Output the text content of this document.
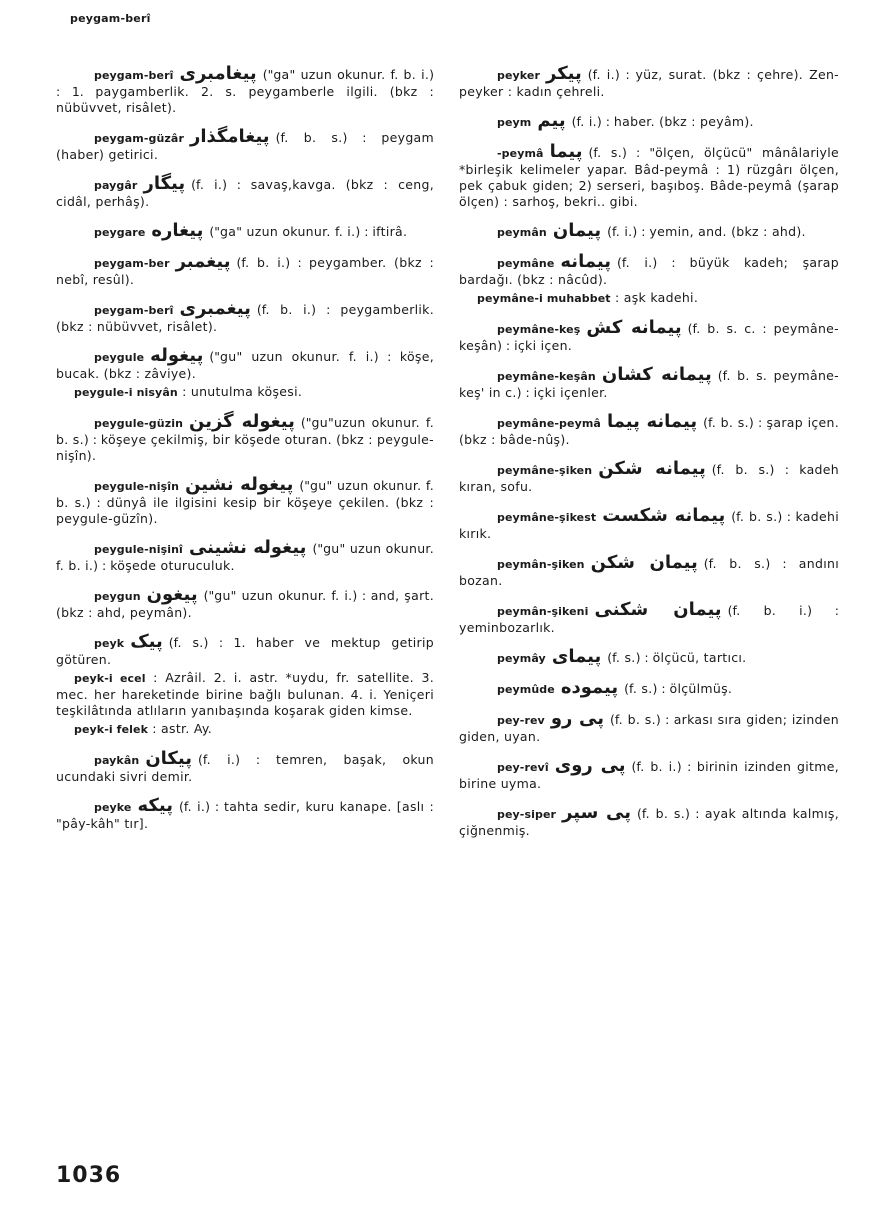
peygam-berî

peygam-berî پیغامبری ("ga" uzun okunur. f. b. i.) : 1. paygamberlik. 2. s. peygamberle ilgili. (bkz : nübüvvet, risâlet).

peygam-güzâr پیغامگذار (f. b. s.) : peygam (haber) getirici.

paygâr پیگار (f. i.) : savaş,kavga. (bkz : ceng, cidâl, perhâş).

peygare پیغاره ("ga" uzun okunur. f. i.) : iftirâ.

peygam-ber پیغمبر (f. b. i.) : peygamber. (bkz : nebî, resûl).

peygam-berî پیغمبری (f. b. i.) : peygamberlik. (bkz : nübüvvet, risâlet).

peygule پیغوله ("gu" uzun okunur. f. i.) : köşe, bucak. (bkz : zâviye).

peygule-i nisyân : unutulma köşesi.

peygule-güzin پیغوله گزین ("gu"uzun okunur. f. b. s.) : köşeye çekilmiş, bir köşede oturan. (bkz : peygule-nişîn).

peygule-nişîn پیغوله نشین ("gu" uzun okunur. f. b. s.) : dünyâ ile ilgisini kesip bir köşeye çekilen. (bkz : peygule-güzîn).

peygule-nişinî پیغوله نشینی ("gu" uzun okunur. f. b. i.) : köşede oturuculuk.

peygun پیغون ("gu" uzun okunur. f. i.) : and, şart. (bkz : ahd, peymân).

peyk پیک (f. s.) : 1. haber ve mektup getirip götüren.

peyk-i ecel : Azrâil. 2. i. astr. *uydu, fr. satellite. 3. mec. her hareketinde birine bağlı bulunan. 4. i. Yeniçeri teşkilâtında atlıların yanıbaşında koşarak giden kimse.

peyk-i felek : astr. Ay.

paykân پیکان (f. i.) : temren, başak, okun ucundaki sivri demir.

peyke پیکه (f. i.) : tahta sedir, kuru kanape. [aslı : "pây-kâh" tır].

peyker پیکر (f. i.) : yüz, surat. (bkz : çehre). Zen-peyker : kadın çehreli.

peym پیم (f. i.) : haber. (bkz : peyâm).

-peymâ پیما (f. s.) : "ölçen, ölçücü" mânâlariyle *birleşik kelimeler yapar. Bâd-peymâ : 1) rüzgârı ölçen, pek çabuk giden; 2) serseri, başıboş. Bâde-peymâ (şarap ölçen) : sarhoş, bekri.. gibi.

peymân پیمان (f. i.) : yemin, and. (bkz : ahd).

peymâne پیمانه (f. i.) : büyük kadeh; şarap bardağı. (bkz : nâcûd).

peymâne-i muhabbet : aşk kadehi.

peymâne-keş پیمانه کش (f. b. s. c. : peymâne-keşân) : içki içen.

peymâne-keşân پیمانه کشان (f. b. s. peymâne-keş' in c.) : içki içenler.

peymâne-peymâ پیمانه پیما (f. b. s.) : şarap içen. (bkz : bâde-nûş).

peymâne-şiken پیمانه شکن (f. b. s.) : kadeh kıran, sofu.

peymâne-şikest پیمانه شکست (f. b. s.) : kadehi kırık.

peymân-şiken پیمان شکن (f. b. s.) : andını bozan.

peymân-şikeni پیمان شکنی (f. b. i.) : yeminbozarlık.

peymây پیمای (f. s.) : ölçücü, tartıcı.

peymûde پیموده (f. s.) : ölçülmüş.

pey-rev پی رو (f. b. s.) : arkası sıra giden; izinden giden, uyan.

pey-revî پی روی (f. b. i.) : birinin izinden gitme, birine uyma.

pey-siper پی سپر (f. b. s.) : ayak altında kalmış, çiğnenmiş.

1036
